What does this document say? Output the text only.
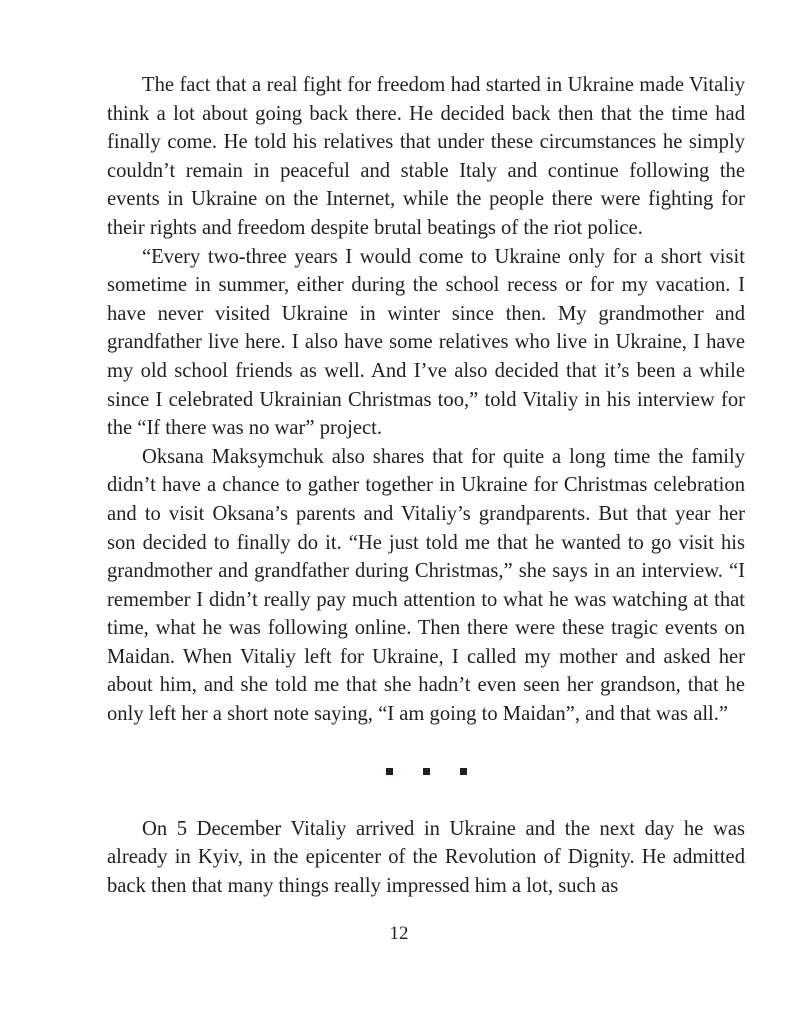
The fact that a real fight for freedom had started in Ukraine made Vitaliy think a lot about going back there. He decided back then that the time had finally come. He told his relatives that under these circumstances he simply couldn’t remain in peaceful and stable Italy and continue following the events in Ukraine on the Internet, while the people there were fighting for their rights and freedom despite brutal beatings of the riot police.

“Every two-three years I would come to Ukraine only for a short visit sometime in summer, either during the school recess or for my vacation. I have never visited Ukraine in winter since then. My grandmother and grandfather live here. I also have some relatives who live in Ukraine, I have my old school friends as well. And I’ve also decided that it’s been a while since I celebrated Ukrainian Christmas too,” told Vitaliy in his interview for the “If there was no war” project.

Oksana Maksymchuk also shares that for quite a long time the family didn’t have a chance to gather together in Ukraine for Christmas celebration and to visit Oksana’s parents and Vitaliy’s grandparents. But that year her son decided to finally do it. “He just told me that he wanted to go visit his grandmother and grandfather during Christmas,” she says in an interview. “I remember I didn’t really pay much attention to what he was watching at that time, what he was following online. Then there were these tragic events on Maidan. When Vitaliy left for Ukraine, I called my mother and asked her about him, and she told me that she hadn’t even seen her grandson, that he only left her a short note saying, “I am going to Maidan”, and that was all.”

On 5 December Vitaliy arrived in Ukraine and the next day he was already in Kyiv, in the epicenter of the Revolution of Dignity. He admitted back then that many things really impressed him a lot, such as

12
